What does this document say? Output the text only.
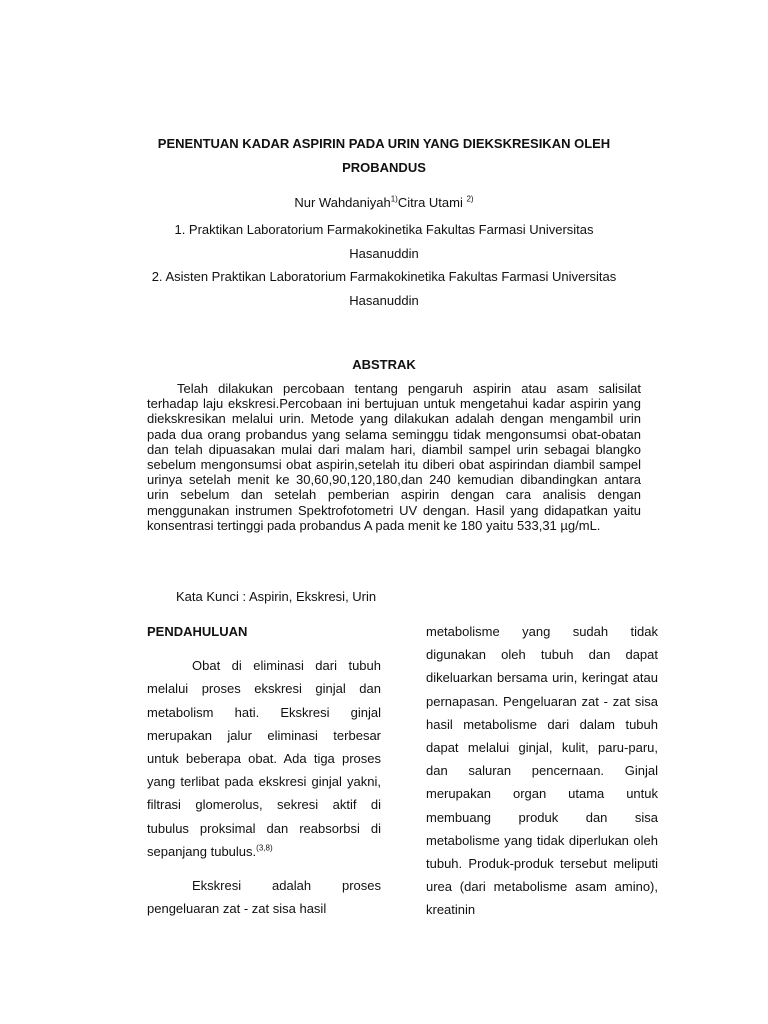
PENENTUAN KADAR ASPIRIN PADA URIN YANG DIEKSKRESIKAN OLEH
PROBANDUS
Nur Wahdaniyah$^{1)}$Citra Utami $^{2)}$
1. Praktikan Laboratorium Farmakokinetika Fakultas Farmasi Universitas
Hasanuddin
2. Asisten Praktikan Laboratorium Farmakokinetika Fakultas Farmasi Universitas
Hasanuddin
ABSTRAK
Telah dilakukan percobaan tentang pengaruh aspirin atau asam salisilat terhadap laju ekskresi.Percobaan ini bertujuan untuk mengetahui kadar aspirin yang diekskresikan melalui urin. Metode yang dilakukan adalah dengan mengambil urin pada dua orang probandus yang selama seminggu tidak mengonsumsi obat-obatan dan telah dipuasakan mulai dari malam hari, diambil sampel urin sebagai blangko sebelum mengonsumsi obat aspirin,setelah itu diberi obat aspirindan diambil sampel urinya setelah menit ke 30,60,90,120,180,dan 240 kemudian dibandingkan antara urin sebelum dan setelah pemberian aspirin dengan cara analisis dengan menggunakan instrumen Spektrofotometri UV dengan. Hasil yang didapatkan yaitu konsentrasi tertinggi pada probandus A pada menit ke 180 yaitu 533,31 µg/mL.
Kata Kunci : Aspirin, Ekskresi, Urin

PENDAHULUAN

Obat di eliminasi dari tubuh melalui proses ekskresi ginjal dan metabolism hati. Ekskresi ginjal merupakan jalur eliminasi terbesar untuk beberapa obat. Ada tiga proses yang terlibat pada ekskresi ginjal yakni, filtrasi glomerolus, sekresi aktif di tubulus proksimal dan reabsorbsi di sepanjang tubulus.$^{(3,8)}$

Ekskresi adalah proses pengeluaran zat - zat sisa hasil

metabolisme yang sudah tidak digunakan oleh tubuh dan dapat dikeluarkan bersama urin, keringat atau pernapasan. Pengeluaran zat - zat sisa hasil metabolisme dari dalam tubuh dapat melalui ginjal, kulit, paru-paru, dan saluran pencernaan. Ginjal merupakan organ utama untuk membuang produk dan sisa metabolisme yang tidak diperlukan oleh tubuh. Produk-produk tersebut meliputi urea (dari metabolisme asam amino), kreatinin
